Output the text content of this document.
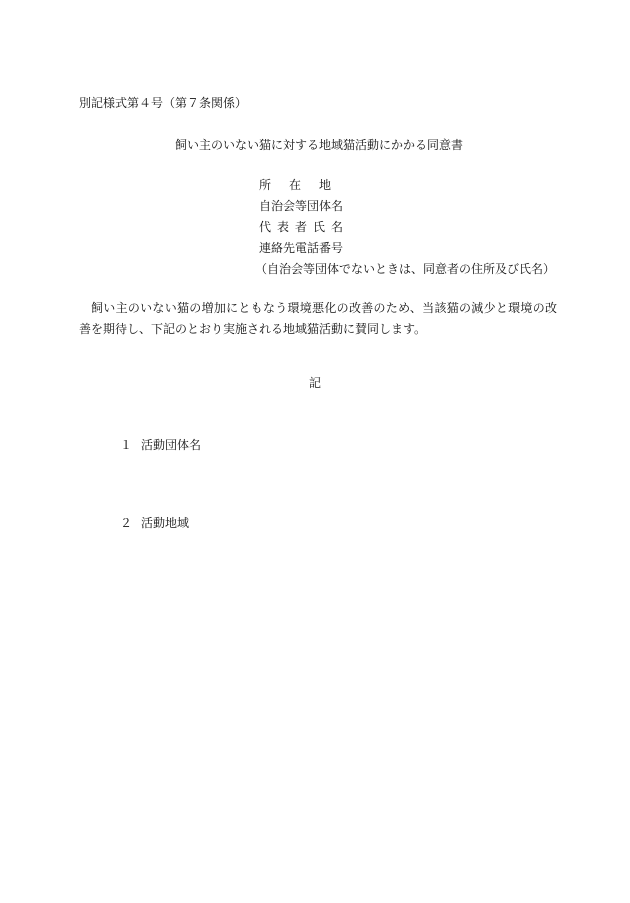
別記様式第４号（第７条関係）
飼い主のいない猫に対する地域猫活動にかかる同意書
所在地
自治会等団体名
代表者氏名
連絡先電話番号
（自治会等団体でないときは、同意者の住所及び氏名）
飼い主のいない猫の増加にともなう環境悪化の改善のため、当該猫の減少と環境の改善を期待し、下記のとおり実施される地域猫活動に賛同します。
記
１ 活動団体名
２ 活動地域
